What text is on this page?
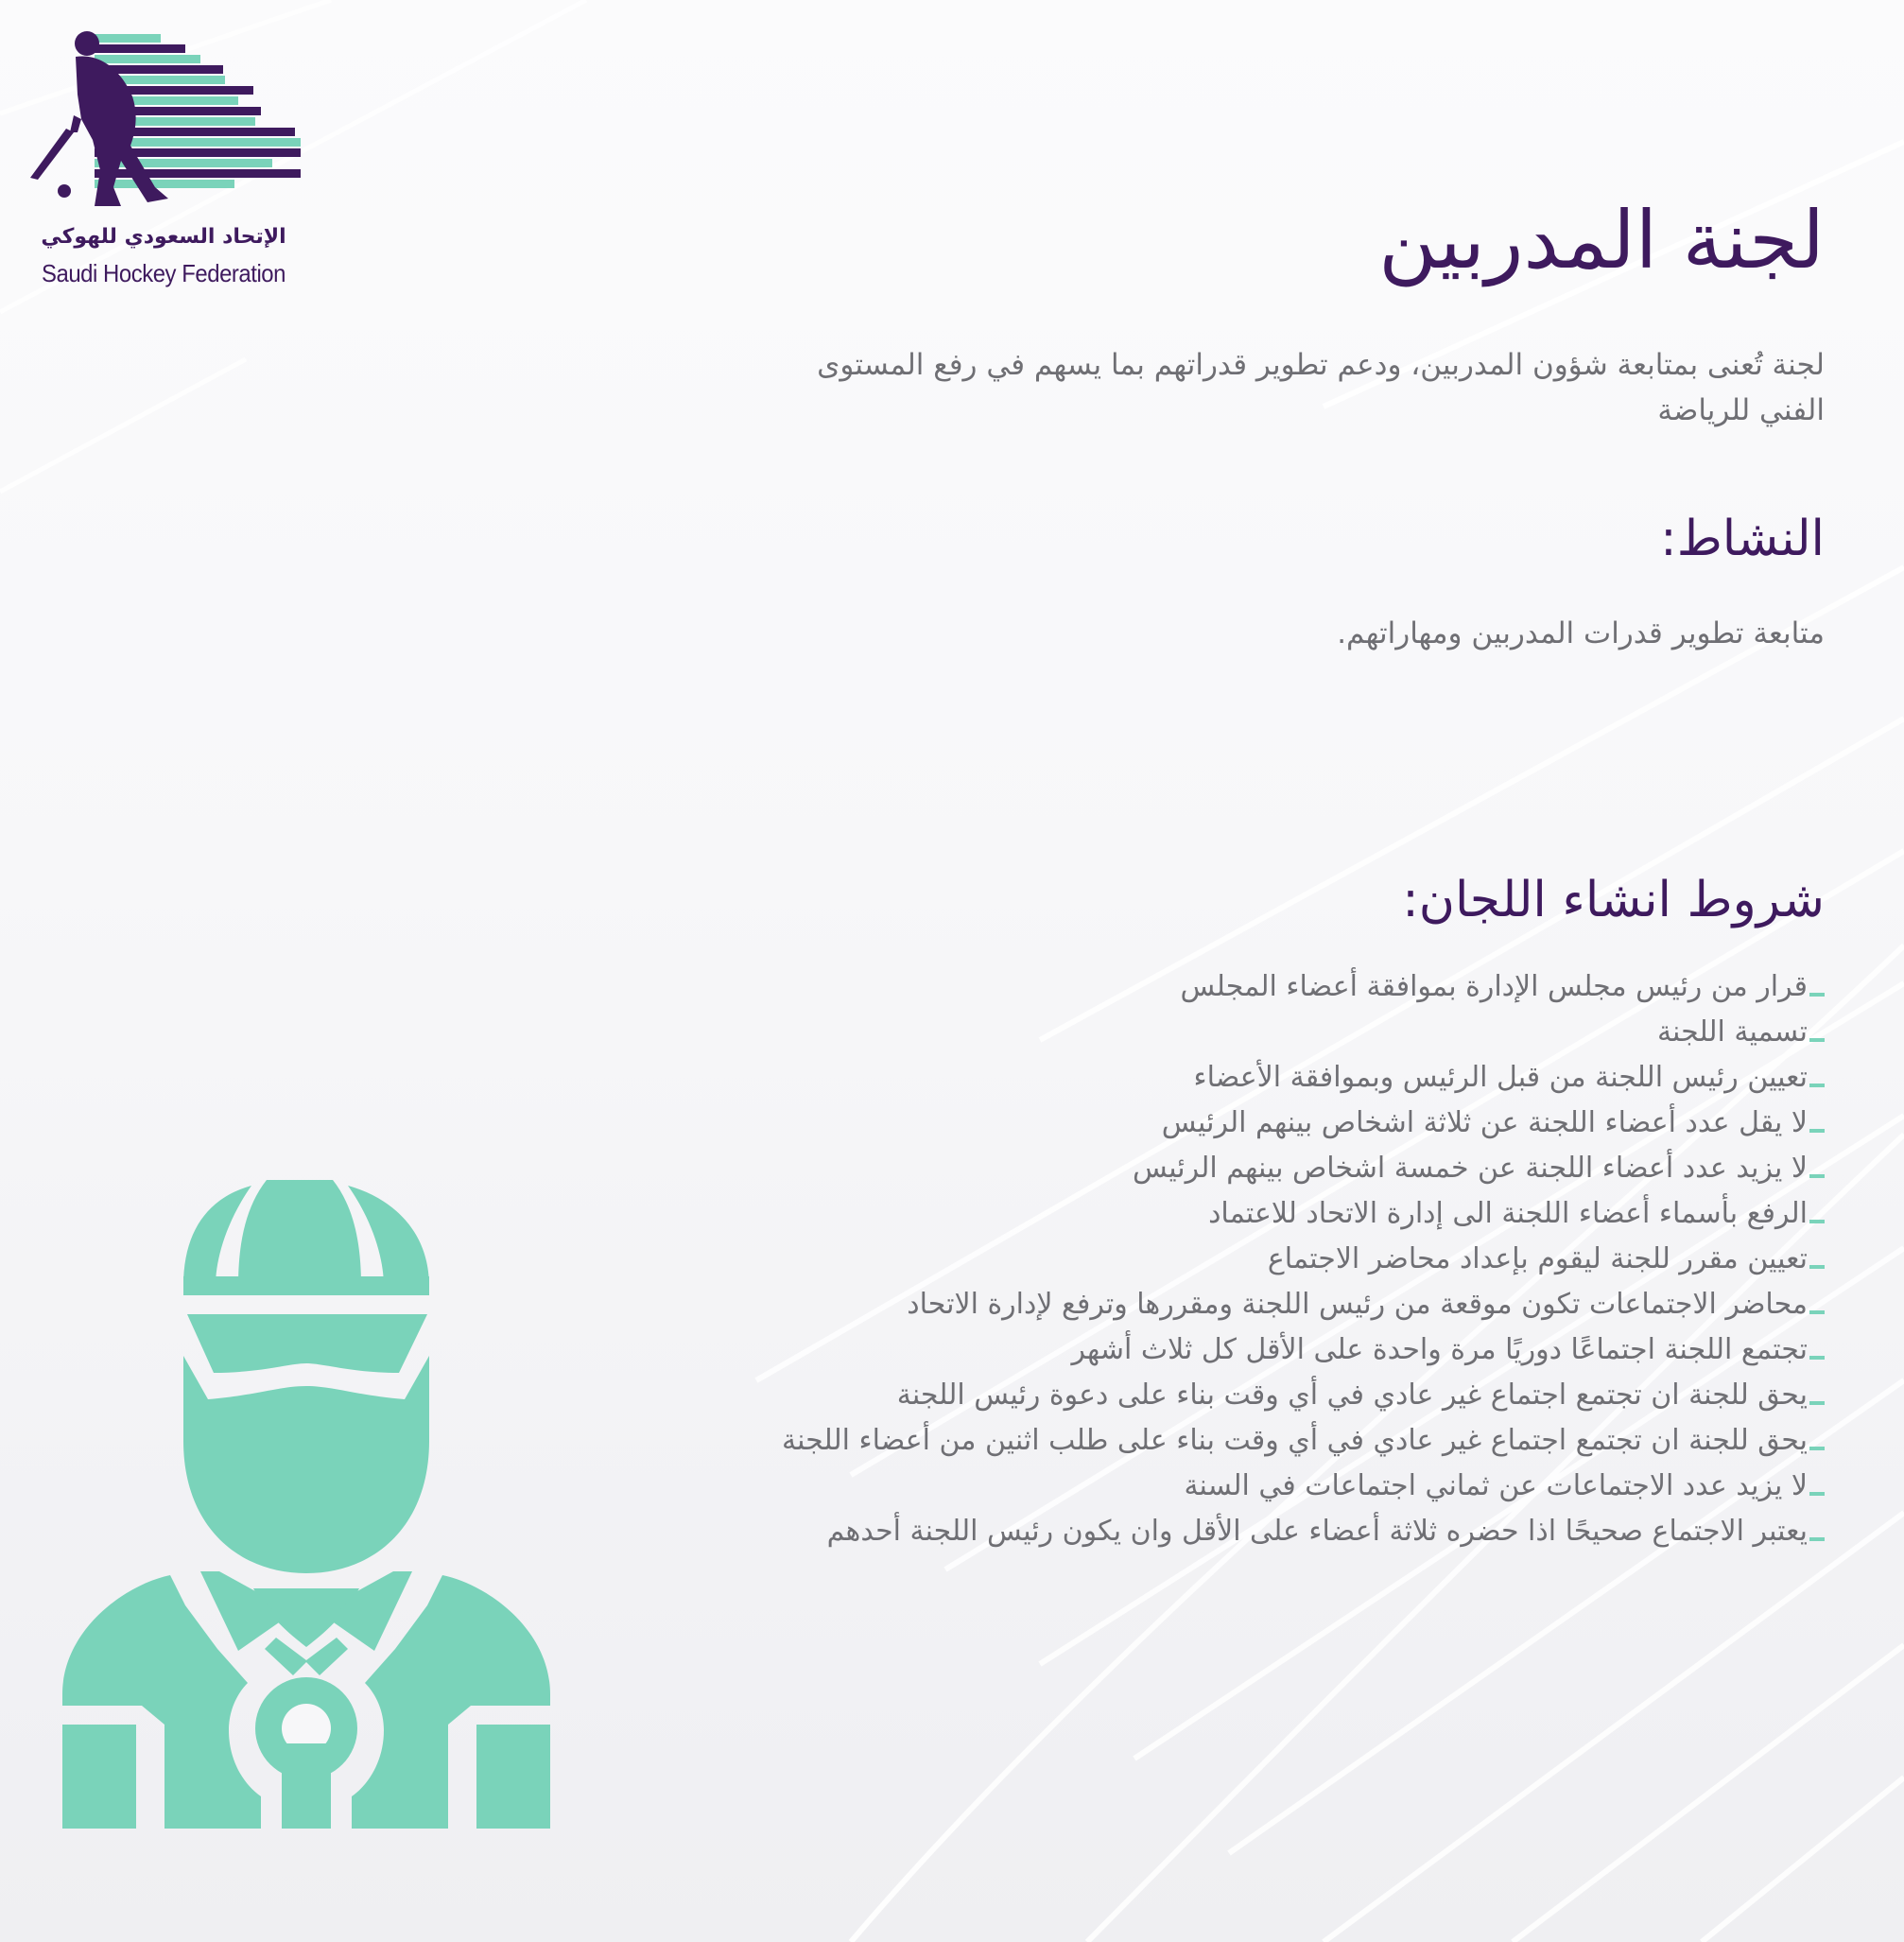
الإتحاد السعودي للهوكي
Saudi Hockey Federation	لجنة المدربين

لجنة تُعنى بمتابعة شؤون المدربين، ودعم تطوير قدراتهم بما يسهم في رفع المستوى الفني للرياضة

النشاط:

متابعة تطوير قدرات المدربين ومهاراتهم.

شروط انشاء اللجان:
قرار من رئيس مجلس الإدارة بموافقة أعضاء المجلس
تسمية اللجنة
تعيين رئيس اللجنة من قبل الرئيس وبموافقة الأعضاء
لا يقل عدد أعضاء اللجنة عن ثلاثة اشخاص بينهم الرئيس
لا يزيد عدد أعضاء اللجنة عن خمسة اشخاص بينهم الرئيس
الرفع بأسماء أعضاء اللجنة الى إدارة الاتحاد للاعتماد
تعيين مقرر للجنة ليقوم بإعداد محاضر الاجتماع
محاضر الاجتماعات تكون موقعة من رئيس اللجنة ومقررها وترفع لإدارة الاتحاد
تجتمع اللجنة اجتماعًا دوريًا مرة واحدة على الأقل كل ثلاث أشهر
يحق للجنة ان تجتمع اجتماع غير عادي في أي وقت بناء على دعوة رئيس اللجنة
يحق للجنة ان تجتمع اجتماع غير عادي في أي وقت بناء على طلب اثنين من أعضاء اللجنة
لا يزيد عدد الاجتماعات عن ثماني اجتماعات في السنة
يعتبر الاجتماع صحيحًا اذا حضره ثلاثة أعضاء على الأقل وان يكون رئيس اللجنة أحدهم
